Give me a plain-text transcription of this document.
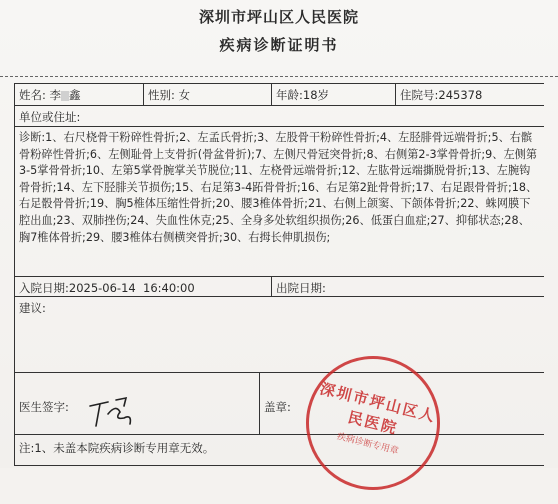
深圳市坪山区人民医院
疾病诊断证明书
姓名: 李 鑫	性别: 女	年龄:18岁	住院号:245378
单位或住址:
诊断:1、右尺桡骨干粉碎性骨折;2、左孟氏骨折;3、左股骨干粉碎性骨折;4、左胫腓骨远端骨折;5、右髌骨粉碎性骨折;6、左侧耻骨上支骨折(骨盆骨折);7、左侧尺骨冠突骨折;8、右侧第2-3掌骨骨折;9、左侧第3-5掌骨骨折;10、左第5掌骨腕掌关节脱位;11、左桡骨远端骨折;12、左肱骨远端撕脱骨折;13、左腕钩骨骨折;14、左下胫腓关节损伤;15、右足第3-4跖骨骨折;16、右足第2趾骨骨折;17、右足跟骨骨折;18、右足骰骨骨折;19、胸5椎体压缩性骨折;20、腰3椎体骨折;21、右侧上颌窦、下颌体骨折;22、蛛网膜下腔出血;23、双肺挫伤;24、失血性休克;25、全身多处软组织损伤;26、低蛋白血症;27、抑郁状态;28、胸7椎体骨折;29、腰3椎体右侧横突骨折;30、右拇长伸肌损伤;
入院日期:2025-06-14  16:40:00	出院日期:
建议:
医生签字:	盖章:
注:1、未盖本院疾病诊断专用章无效。
深圳市坪山区人民医院
疾病诊断专用章
